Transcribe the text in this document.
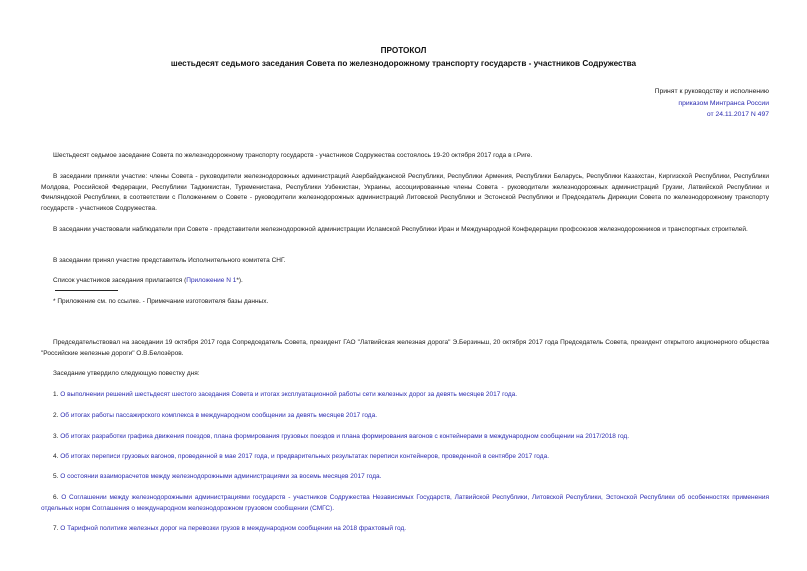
ПРОТОКОЛ
шестьдесят седьмого заседания Совета по железнодорожному транспорту государств - участников Содружества
Принят к руководству и исполнению
приказом Минтранса России
от 24.11.2017 N 497
Шестьдесят седьмое заседание Совета по железнодорожному транспорту государств - участников Содружества состоялось 19-20 октября 2017 года в г.Риге.
В заседании приняли участие: члены Совета - руководители железнодорожных администраций Азербайджанской Республики, Республики Армения, Республики Беларусь, Республики Казахстан, Киргизской Республики, Республики Молдова, Российской Федерации, Республики Таджикистан, Туркменистана, Республики Узбекистан, Украины, ассоциированные члены Совета - руководители железнодорожных администраций Грузии, Латвийской Республики и Финляндской Республики, в соответствии с Положением о Совете - руководители железнодорожных администраций Литовской Республики и Эстонской Республики и Председатель Дирекции Совета по железнодорожному транспорту государств - участников Содружества.
В заседании участвовали наблюдатели при Совете - представители железнодорожной администрации Исламской Республики Иран и Международной Конфедерации профсоюзов железнодорожников и транспортных строителей.
В заседании принял участие представитель Исполнительного комитета СНГ.
Список участников заседания прилагается (Приложение N 1*).
* Приложение см. по ссылке. - Примечание изготовителя базы данных.
Председательствовал на заседании 19 октября 2017 года Сопредседатель Совета, президент ГАО "Латвийская железная дорога" Э.Берзиньш, 20 октября 2017 года Председатель Совета, президент открытого акционерного общества "Российские железные дороги" О.В.Белозёров.
Заседание утвердило следующую повестку дня:
1. О выполнении решений шестьдесят шестого заседания Совета и итогах эксплуатационной работы сети железных дорог за девять месяцев 2017 года.
2. Об итогах работы пассажирского комплекса в международном сообщении за девять месяцев 2017 года.
3. Об итогах разработки графика движения поездов, плана формирования грузовых поездов и плана формирования вагонов с контейнерами в международном сообщении на 2017/2018 год.
4. Об итогах переписи грузовых вагонов, проведенной в мае 2017 года, и предварительных результатах переписи контейнеров, проведенной в сентябре 2017 года.
5. О состоянии взаиморасчетов между железнодорожными администрациями за восемь месяцев 2017 года.
6. О Соглашении между железнодорожными администрациями государств - участников Содружества Независимых Государств, Латвийской Республики, Литовской Республики, Эстонской Республики об особенностях применения отдельных норм Соглашения о международном железнодорожном грузовом сообщении (СМГС).
7. О Тарифной политике железных дорог на перевозки грузов в международном сообщении на 2018 фрахтовый год.
